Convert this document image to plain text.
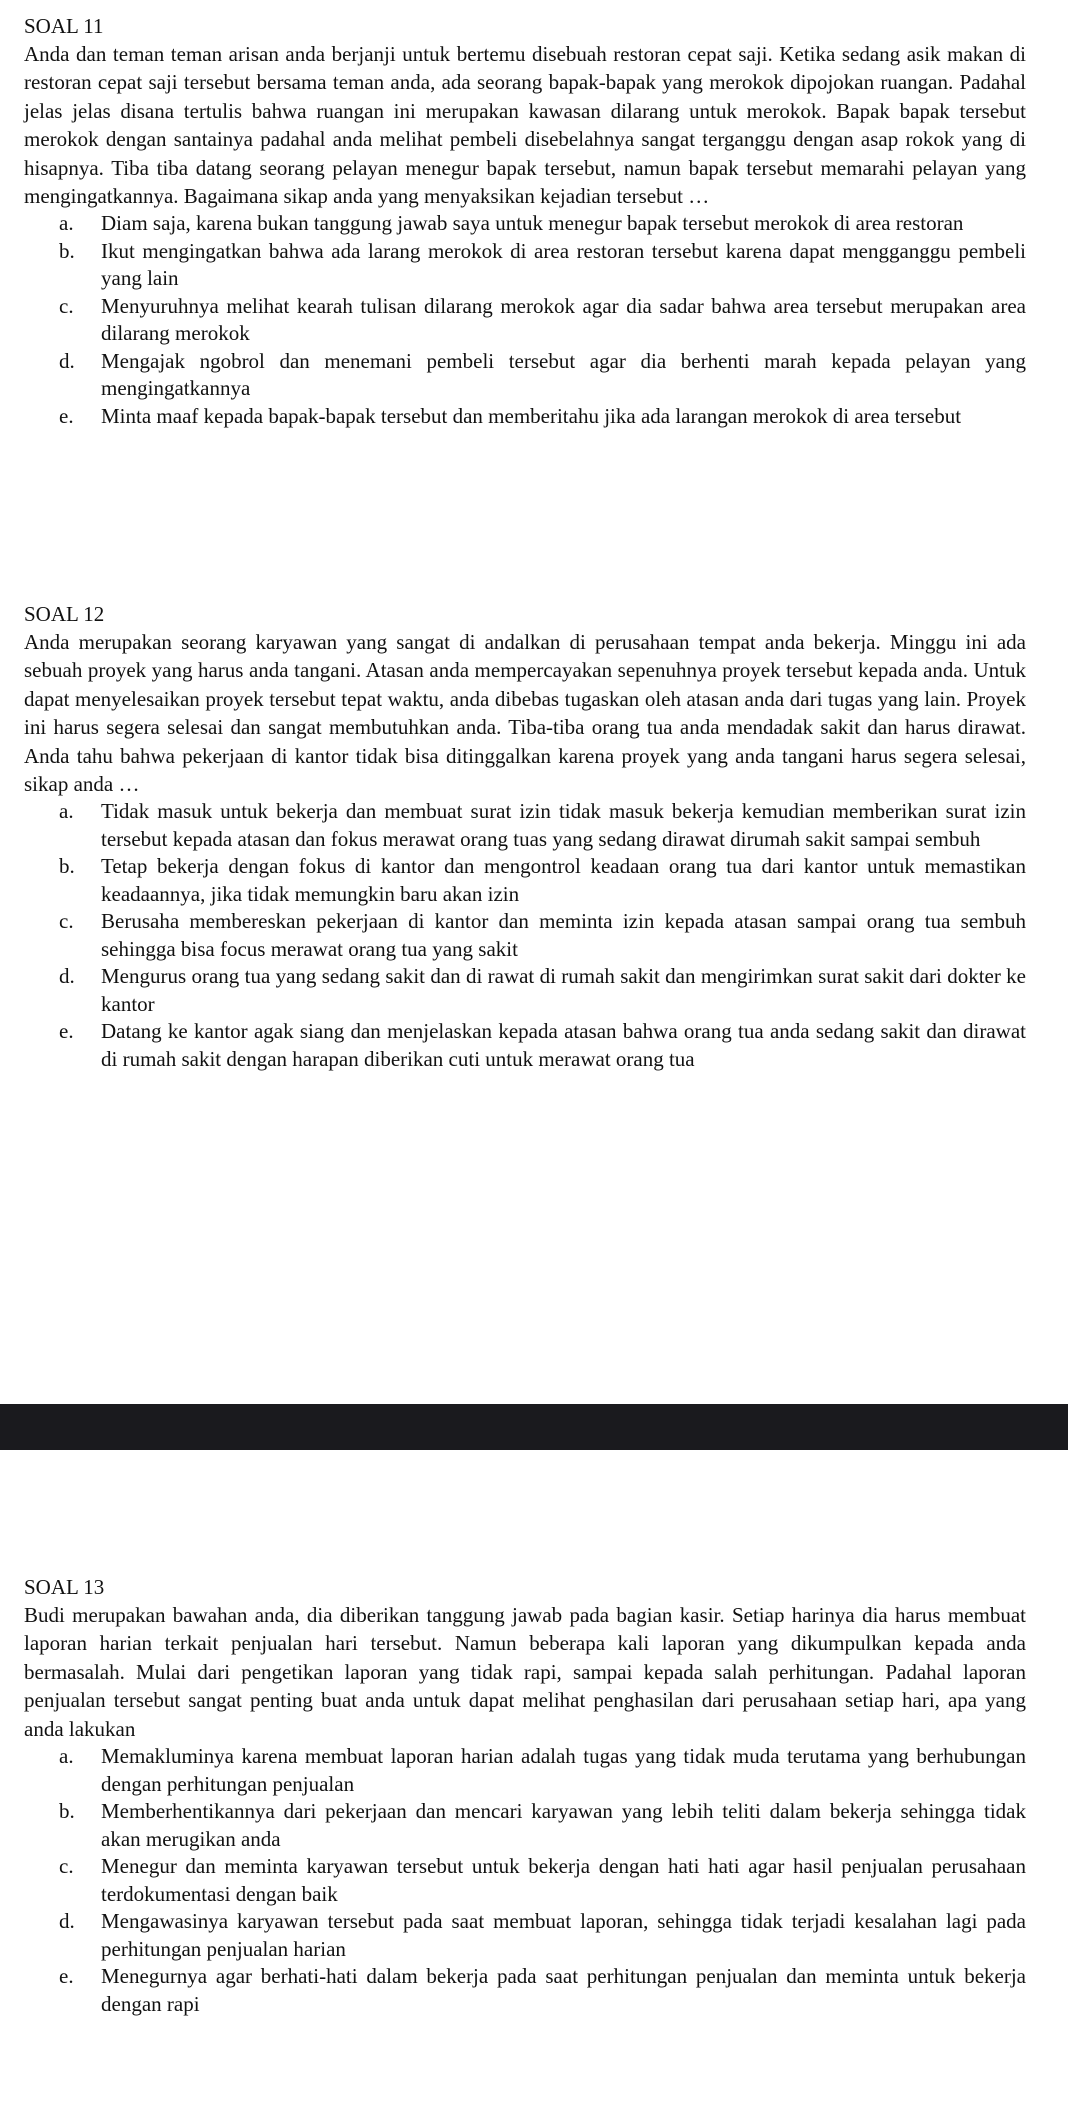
SOAL 11

Anda dan teman teman arisan anda berjanji untuk bertemu disebuah restoran cepat saji. Ketika sedang asik makan di restoran cepat saji tersebut bersama teman anda, ada seorang bapak-bapak yang merokok dipojokan ruangan. Padahal jelas jelas disana tertulis bahwa ruangan ini merupakan kawasan dilarang untuk merokok. Bapak bapak tersebut merokok dengan santainya padahal anda melihat pembeli disebelahnya sangat terganggu dengan asap rokok yang di hisapnya. Tiba tiba datang seorang pelayan menegur bapak tersebut, namun bapak tersebut memarahi pelayan yang mengingatkannya. Bagaimana sikap anda yang menyaksikan kejadian tersebut …

a. Diam saja, karena bukan tanggung jawab saya untuk menegur bapak tersebut merokok di area restoran
b. Ikut mengingatkan bahwa ada larang merokok di area restoran tersebut karena dapat mengganggu pembeli yang lain
c. Menyuruhnya melihat kearah tulisan dilarang merokok agar dia sadar bahwa area tersebut merupakan area dilarang merokok
d. Mengajak ngobrol dan menemani pembeli tersebut agar dia berhenti marah kepada pelayan yang mengingatkannya
e. Minta maaf kepada bapak-bapak tersebut dan memberitahu jika ada larangan merokok di area tersebut

SOAL 12

Anda merupakan seorang karyawan yang sangat di andalkan di perusahaan tempat anda bekerja. Minggu ini ada sebuah proyek yang harus anda tangani. Atasan anda mempercayakan sepenuhnya proyek tersebut kepada anda. Untuk dapat menyelesaikan proyek tersebut tepat waktu, anda dibebas tugaskan oleh atasan anda dari tugas yang lain. Proyek ini harus segera selesai dan sangat membutuhkan anda. Tiba-tiba orang tua anda mendadak sakit dan harus dirawat. Anda tahu bahwa pekerjaan di kantor tidak bisa ditinggalkan karena proyek yang anda tangani harus segera selesai, sikap anda …

a. Tidak masuk untuk bekerja dan membuat surat izin tidak masuk bekerja kemudian memberikan surat izin tersebut kepada atasan dan fokus merawat orang tuas yang sedang dirawat dirumah sakit sampai sembuh
b. Tetap bekerja dengan fokus di kantor dan mengontrol keadaan orang tua dari kantor untuk memastikan keadaannya, jika tidak memungkin baru akan izin
c. Berusaha membereskan pekerjaan di kantor dan meminta izin kepada atasan sampai orang tua sembuh sehingga bisa focus merawat orang tua yang sakit
d. Mengurus orang tua yang sedang sakit dan di rawat di rumah sakit dan mengirimkan surat sakit dari dokter ke kantor
e. Datang ke kantor agak siang dan menjelaskan kepada atasan bahwa orang tua anda sedang sakit dan dirawat di rumah sakit dengan harapan diberikan cuti untuk merawat orang tua

SOAL 13

Budi merupakan bawahan anda, dia diberikan tanggung jawab pada bagian kasir. Setiap harinya dia harus membuat laporan harian terkait penjualan hari tersebut. Namun beberapa kali laporan yang dikumpulkan kepada anda bermasalah. Mulai dari pengetikan laporan yang tidak rapi, sampai kepada salah perhitungan. Padahal laporan penjualan tersebut sangat penting buat anda untuk dapat melihat penghasilan dari perusahaan setiap hari, apa yang anda lakukan

a. Memakluminya karena membuat laporan harian adalah tugas yang tidak muda terutama yang berhubungan dengan perhitungan penjualan
b. Memberhentikannya dari pekerjaan dan mencari karyawan yang lebih teliti dalam bekerja sehingga tidak akan merugikan anda
c. Menegur dan meminta karyawan tersebut untuk bekerja dengan hati hati agar hasil penjualan perusahaan terdokumentasi dengan baik
d. Mengawasinya karyawan tersebut pada saat membuat laporan, sehingga tidak terjadi kesalahan lagi pada perhitungan penjualan harian
e. Menegurnya agar berhati-hati dalam bekerja pada saat perhitungan penjualan dan meminta untuk bekerja dengan rapi
